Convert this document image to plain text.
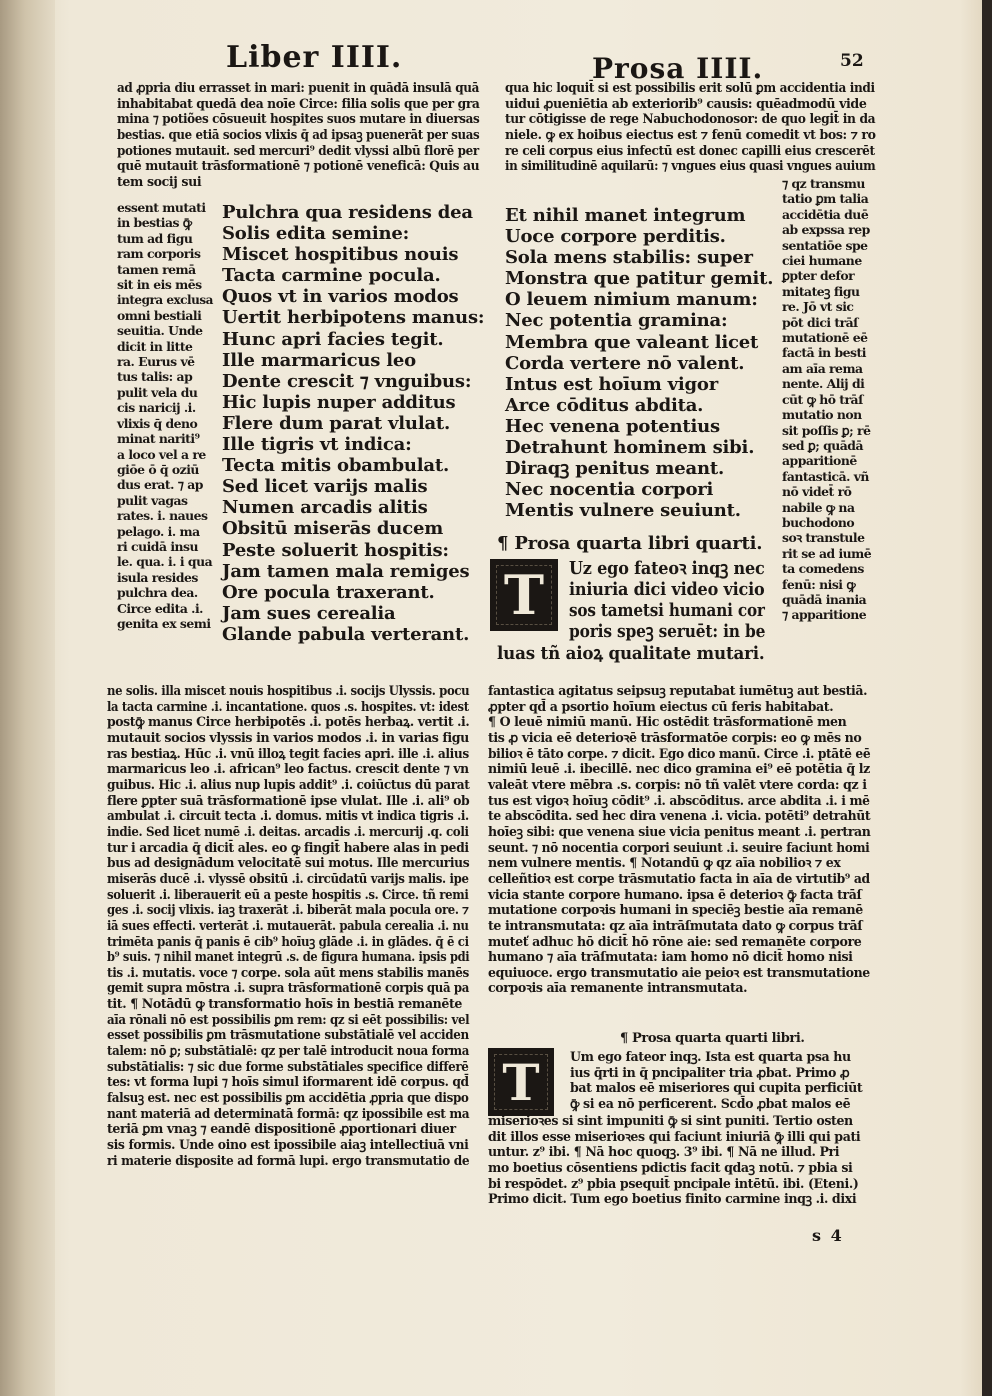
Liber IIII.	Prosa IIII.	52
ad ꝓpria diu errasset in mari: puenit in quādā insulā quā
inhabitabat quedā dea noīe Circe: filia solis que per gra
mina ⁊ potiões cōsueuit hospites suos mutare in diuersas
bestias. que etiā socios vlixis q̄ ad ipsaꝫ puenerāt per suas
potiones mutauit. sed mercuri⁹ dedit vlyssi albū florē per
quē mutauit trāsformationē ⁊ potionē veneficā: Quis au
tem socij sui
essent mutati
in bestias ꝙ̄
tum ad figu
ram corporis
tamen remā
sit in eis mēs
integra exclusa
omni bestiali
seuitia. Unde
dicit in litte
ra. Eurus vē
tus talis: ap
pulit vela du
cis naricij .i.
vlixis q̄ deno
minat nariti⁹
a loco vel a re
giōe ō q̄ oziū
dus erat. ⁊ ap
pulit vagas
rates. i. naues
pelago. i. ma
ri cuidā insu
le. qua. i. i qua
isula resides
pulchra dea.
Circe edita .i.
genita ex semi
Pulchra qua residens dea
Solis edita semine:
Miscet hospitibus nouis
Tacta carmine pocula.
Quos vt in varios modos
Uertit herbipotens manus:
Hunc apri facies tegit.
Ille marmaricus leo
Dente crescit ⁊ vnguibus:
Hic lupis nuper additus
Flere dum parat vlulat.
Ille tigris vt indica:
Tecta mitis obambulat.
Sed licet varijs malis
Numen arcadis alitis
Obsitū miserās ducem
Peste soluerit hospitis:
Jam tamen mala remiges
Ore pocula traxerant.
Jam sues cerealia
Glande pabula verterant.
ne solis. illa miscet nouis hospitibus .i. socijs Ulyssis. pocu
la tacta carmine .i. incantatione. quos .s. hospites. vt: idest
postꝙ̄ manus Circe herbipotēs .i. potēs herbaꝝ. vertit .i.
mutauit socios vlyssis in varios modos .i. in varias figu
ras bestiaꝝ. Hūc .i. vnū illoꝝ tegit facies apri. ille .i. alius
marmaricus leo .i. african⁹ leo factus. crescit dente ⁊ vn
guibus. Hic .i. alius nup lupis addit⁹ .i. coiūctus dū parat
flere ꝑpter suā trāsformationē ipse vlulat. Ille .i. ali⁹ ob
ambulat .i. circuit tecta .i. domus. mitis vt indica tigris .i.
indie. Sed licet numē .i. deitas. arcadis .i. mercurij .q. coli
tur i arcadia q̄ dicit̄ ales. eo ꝙ fingit̄ habere alas in pedi
bus ad designādum velocitatē sui motus. Ille mercurius
miserās ducē .i. vlyssē obsitū .i. circūdatū varijs malis. ipe
soluerit .i. liberauerit eū a peste hospitis .s. Circe. tñ remi
ges .i. socij vlixis. iaꝫ traxerāt .i. biberāt mala pocula ore. ⁊
iā sues effecti. verterāt .i. mutauerāt. pabula cerealia .i. nu
trimēta panis q̄ panis ē cib⁹ hoīuꝫ glāde .i. in glādes. q̄ ē ci
b⁹ suis. ⁊ nihil manet integrū .s. de figura humana. ipsis pdi
tis .i. mutatis. voce ⁊ corpe. sola aūt mens stabilis manēs
gemit supra mōstra .i. supra trāsformationē corpis quā pa
tit. ¶ Notādū ꝙ transformatio hoīs in bestiā remanēte
aīa rōnali nō est possibilis ꝑm rem: qz si eēt possibilis: vel
esset possibilis ꝑm trāsmutatione substātialē vel acciden
talem: nō ꝑ; substātialē: qz per talē introducit noua forma
substātialis: ⁊ sic due forme substātiales specifice differē
tes: vt forma lupi ⁊ hoīs simul iformarent idē corpus. qd̄
falsuꝫ est. nec est possibilis ꝑm accidētia ꝓpria que dispo
nant materiā ad determinatā formā: qz ipossibile est ma
teriā ꝑm vnaꝫ ⁊ eandē dispositionē ꝓportionari diuer
sis formis. Unde oino est ipossibile aiaꝫ intellectiuā vni
ri materie disposite ad formā lupi. ergo transmutatio de
qua hic loquit̄ si est possibilis erit solū ꝑm accidentia indi
uidui ꝓueniētia ab exteriorib⁹ causis: quēadmodū vide
tur cōtigisse de rege Nabuchodonosor: de quo legit̄ in da
niele. ꝙ ex hoibus eiectus est ⁊ fenū comedit vt bos: ⁊ ro
re celi corpus eius infectū est donec capilli eius crescerēt
in similitudinē aquilarū: ⁊ vngues eius quasi vngues auium
Et nihil manet integrum
Uoce corpore perditis.
Sola mens stabilis: super
Monstra que patitur gemit.
O leuem nimium manum:
Nec potentia gramina:
Membra que valeant licet
Corda vertere nō valent.
Intus est hoīum vigor
Arce cōditus abdita.
Hec venena potentius
Detrahunt hominem sibi.
Diraqꝫ penitus meant.
Nec nocentia corpori
Mentis vulnere seuiunt.
¶ Prosa quarta libri quarti.
T Uz ego fateoꝛ inqꝫ nec
iniuria dici video vicio
sos tametsi humani cor
poris speꝫ seruēt: in be
luas tñ aioꝝ qualitate mutari.
⁊ qz transmu
tatio ꝑm talia
accidētia duē
ab expssa rep
sentatiōe spe
ciei humane
ꝑpter defor
mitateꝫ figu
re. Jō vt sic
pōt dici trāſ
mutationē eē
factā in besti
am aīa rema
nente. Alij di
cūt ꝙ hō trāſ
mutatio non
sit poſſis ꝑ; rē
sed ꝑ; quādā
apparitionē
fantasticā. vñ
nō videt̄ rō
nabile ꝙ na
buchodono
soꝛ transtule
rit se ad iumē
ta comedens
fenū: nisi ꝙ
quādā inania
⁊ apparitione
fantastica agitatus seipsuꝫ reputabat iumētuꝫ aut bestiā.
ꝓpter qd̄ a psortio hoīum eiectus cū feris habitabat.
¶ O leuē nimiū manū. Hic ostēdit trāsformationē men
tis ꝓ vicia eē deterioꝛē trāsformatōe corpis: eo ꝙ mēs no
bilioꝛ ē tāto corpe. ⁊ dicit. Ego dico manū. Circe .i. ptātē eē
nimiū leuē .i. ibecillē. nec dico gramina ei⁹ eē potētia q̄ lz
valeāt vtere mēbra .s. corpis: nō tñ valēt vtere corda: qz i
tus est vigoꝛ hoīuꝫ cōdit⁹ .i. abscōditus. arce abdita .i. i mē
te abscōdita. sed hec dira venena .i. vicia. potēti⁹ detrahūt
hoīeꝫ sibi: que venena siue vicia penitus meant .i. pertran
seunt. ⁊ nō nocentia corpori seuiunt .i. seuire faciunt homi
nem vulnere mentis. ¶ Notandū ꝙ qz aīa nobilioꝛ ⁊ ex
celleñtioꝛ est corpe trāsmutatio facta in aīa de virtutib⁹ ad
vicia stante corpore humano. ipsa ē deterioꝛ ꝙ̄ facta trāſ
mutatione corpoꝛis humani in speciēꝫ bestie aīa remanē
te intransmutata: qz aīa intrāſmutata dato ꝙ corpus trāſ
muteť adhuc hō dicit̄ hō rōne aie: sed remanēte corpore
humano ⁊ aīa trāſmutata: iam homo nō dicit̄ homo nisi
equiuoce. ergo transmutatio aie peioꝛ est transmutatione
corpoꝛis aīa remanente intransmutata.
¶ Prosa quarta quarti libri.
T Um ego fateor inqꝫ. Ista est quarta psa hu
ius q̄rti in q̄ pncipaliter tria ꝓbat. Primo ꝓ
bat malos eē miseriores qui cupita perficiūt
ꝙ̄ si ea nō perficerent. Scd̄o ꝓbat malos eē
miserioꝛes si sint impuniti ꝙ̄ si sint puniti. Tertio osten
dit illos esse miserioꝛes qui faciunt iniuriā ꝙ̄ illi qui pati
untur. z⁹ ibi. ¶ Nā hoc quoqꝫ. 3⁹ ibi. ¶ Nā ne illud. Pri
mo boetius cōsentiens pdictis facit qdaꝫ notū. ⁊ pbia si
bi respōdet. z⁹ pbia psequit̄ pncipale intētū. ibi. (Eteni.)
Primo dicit. Tum ego boetius finito carmine inqꝫ .i. dixi
s 4
